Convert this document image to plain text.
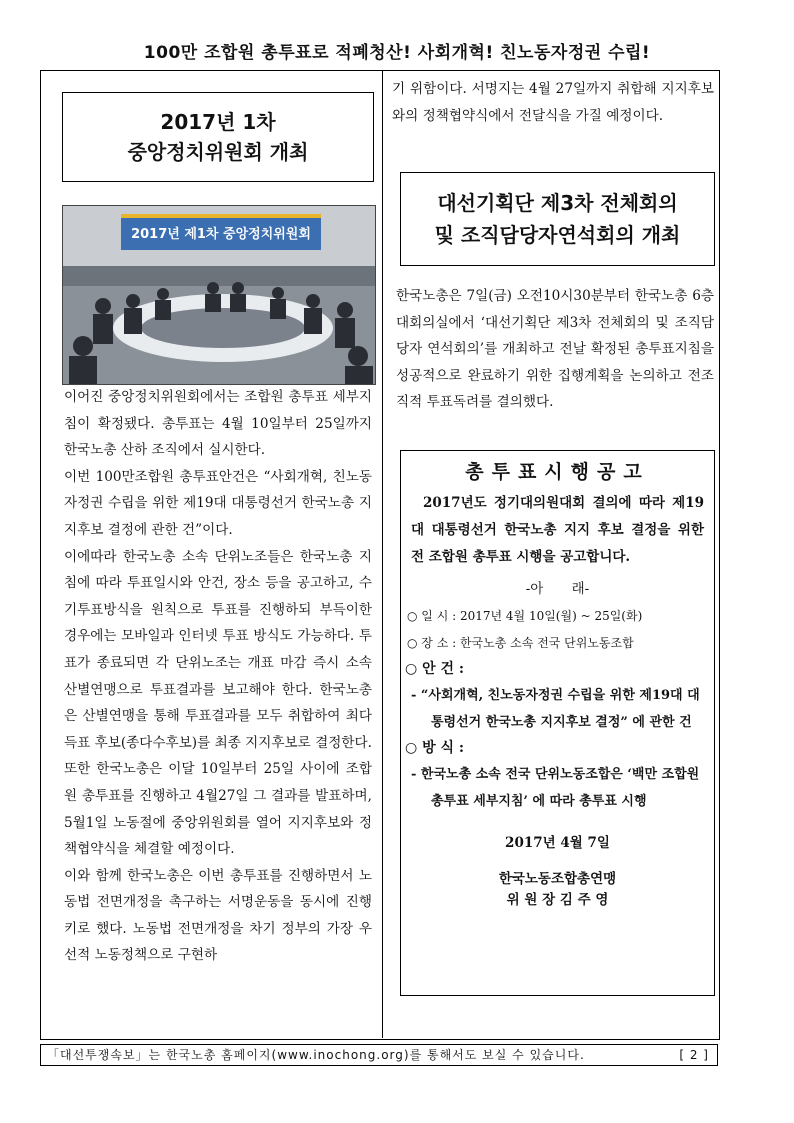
100만 조합원 총투표로 적폐청산! 사회개혁! 친노동자정권 수립!
2017년 1차
중앙정치위원회 개최
2017년 제1차 중앙정치위원회

이어진 중앙정치위원회에서는 조합원 총투표 세부지침이 확정됐다. 총투표는 4월 10일부터 25일까지 한국노총 산하 조직에서 실시한다.

이번 100만조합원 총투표안건은 “사회개혁, 친노동자정권 수립을 위한 제19대 대통령선거 한국노총 지지후보 결정에 관한 건”이다.

이에따라 한국노총 소속 단위노조들은 한국노총 지침에 따라 투표일시와 안건, 장소 등을 공고하고, 수기투표방식을 원칙으로 투표를 진행하되 부득이한 경우에는 모바일과 인터넷 투표 방식도 가능하다. 투표가 종료되면 각 단위노조는 개표 마감 즉시 소속 산별연맹으로 투표결과를 보고해야 한다. 한국노총은 산별연맹을 통해 투표결과를 모두 취합하여 최다 득표 후보(종다수후보)를 최종 지지후보로 결정한다.

또한 한국노총은 이달 10일부터 25일 사이에 조합원 총투표를 진행하고 4월27일 그 결과를 발표하며, 5월1일 노동절에 중앙위원회를 열어 지지후보와 정책협약식을 체결할 예정이다.

이와 함께 한국노총은 이번 총투표를 진행하면서 노동법 전면개정을 촉구하는 서명운동을 동시에 진행키로 했다. 노동법 전면개정을 차기 정부의 가장 우선적 노동정책으로 구현하

기 위함이다. 서명지는 4월 27일까지 취합해 지지후보와의 정책협약식에서 전달식을 가질 예정이다.

대선기획단 제3차 전체회의
및 조직담당자연석회의 개최

한국노총은 7일(금) 오전10시30분부터 한국노총 6층 대회의실에서 ‘대선기획단 제3차 전체회의 및 조직담당자 연석회의’를 개최하고 전날 확정된 총투표지침을 성공적으로 완료하기 위한 집행계획을 논의하고 전조직적 투표독려를 결의했다.

총투표시행공고
2017년도 정기대의원대회 결의에 따라 제19대 대통령선거 한국노총 지지 후보 결정을 위한 전 조합원 총투표 시행을 공고합니다.
-아 래-
○ 일 시 : 2017년 4월 10일(월) ~ 25일(화)
○ 장 소 : 한국노총 소속 전국 단위노동조합
○ 안 건 :
- “사회개혁, 친노동자정권 수립을 위한 제19대 대통령선거 한국노총 지지후보 결정” 에 관한 건
○ 방 식 :
- 한국노총 소속 전국 단위노동조합은 ‘백만 조합원 총투표 세부지침’ 에 따라 총투표 시행
2017년 4월 7일
한국노동조합총연맹
위 원 장 김 주 영
「대선투쟁속보」는 한국노총 홈페이지(www.inochong.org)를 통해서도 보실 수 있습니다.	[ 2 ]
